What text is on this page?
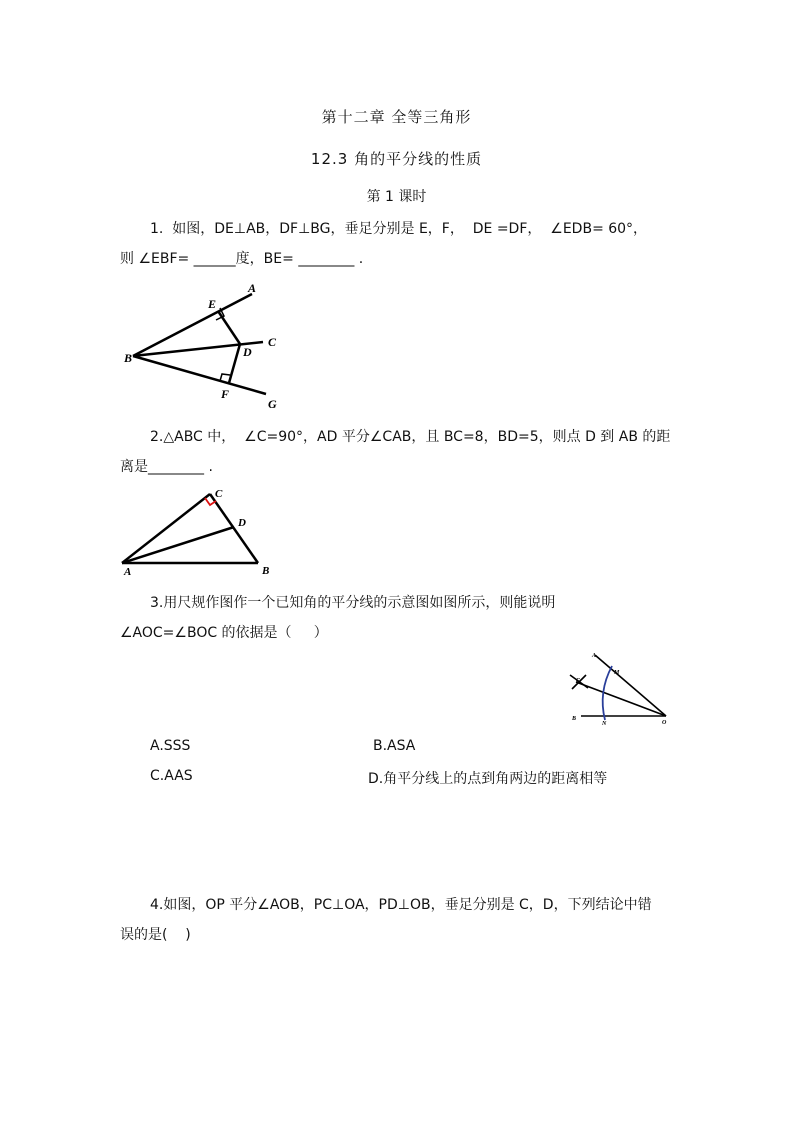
第十二章 全等三角形
12.3 角的平分线的性质
第 1 课时
1.  如图，DE⊥AB，DF⊥BG，垂足分别是 E，F，  DE =DF，  ∠EDB= 60°，
则 ∠EBF= ______度，BE= ________ .
A
E
C
B	D
F
G
2.△ABC 中，  ∠C=90°，AD 平分∠CAB，且 BC=8，BD=5，则点 D 到 AB 的距
离是________ .
C
D
A	B
3.用尺规作图作一个已知角的平分线的示意图如图所示，则能说明
∠AOC=∠BOC 的依据是（     ）
A
M
C
B
N	O
A.SSS	B.ASA
C.AAS	D.角平分线上的点到角两边的距离相等
4.如图，OP 平分∠AOB，PC⊥OA，PD⊥OB，垂足分别是 C，D，下列结论中错
误的是(    )
